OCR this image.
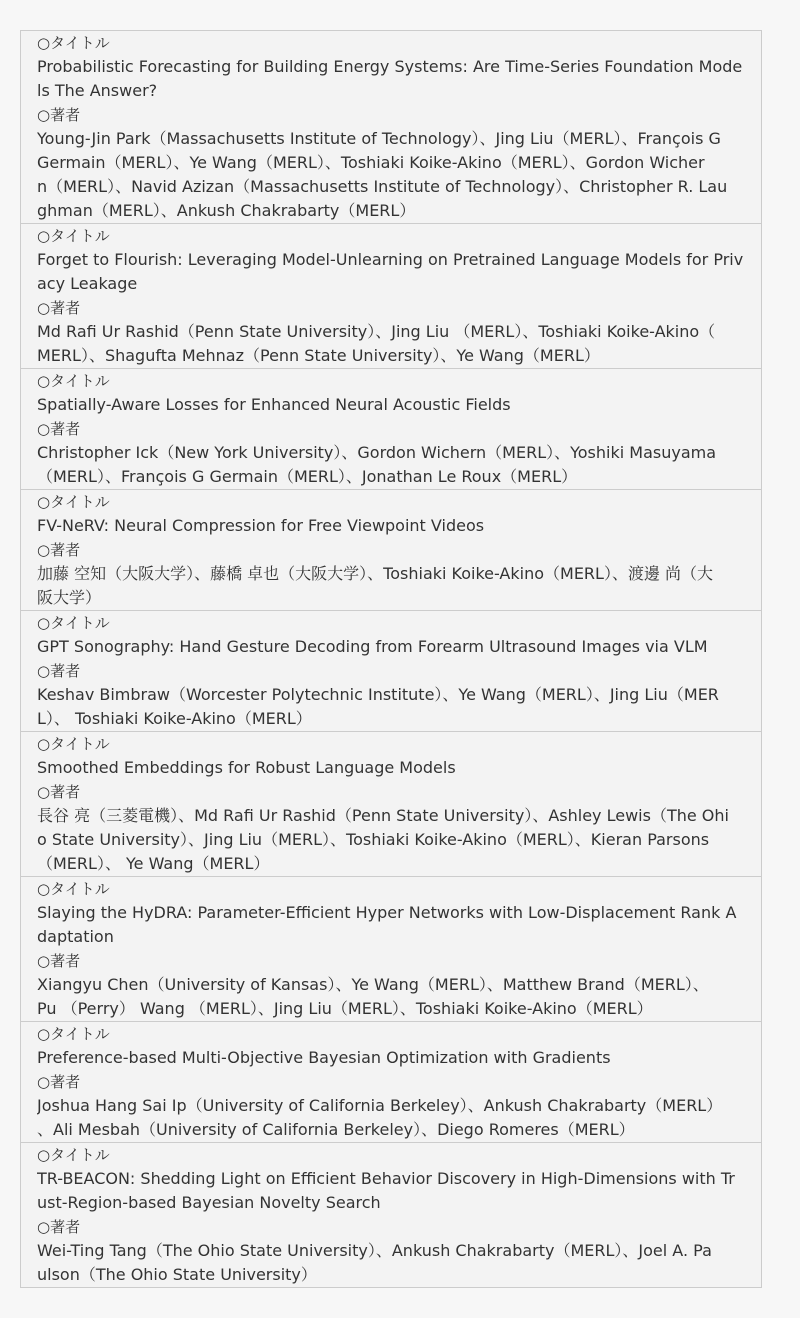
○タイトル
Probabilistic Forecasting for Building Energy Systems: Are Time-Series Foundation Mode
ls The Answer?
○著者
Young-Jin Park（Massachusetts Institute of Technology）、Jing Liu（MERL）、François G
Germain（MERL）、Ye Wang（MERL）、Toshiaki Koike-Akino（MERL）、Gordon Wicher
n（MERL）、Navid Azizan（Massachusetts Institute of Technology）、Christopher R. Lau
ghman（MERL）、Ankush Chakrabarty（MERL）
○タイトル
Forget to Flourish: Leveraging Model-Unlearning on Pretrained Language Models for Priv
acy Leakage
○著者
Md Rafi Ur Rashid（Penn State University）、Jing Liu （MERL）、Toshiaki Koike-Akino（
MERL）、Shagufta Mehnaz（Penn State University）、Ye Wang（MERL）
○タイトル
Spatially-Aware Losses for Enhanced Neural Acoustic Fields
○著者
Christopher Ick（New York University）、Gordon Wichern（MERL）、Yoshiki Masuyama
（MERL）、François G Germain（MERL）、Jonathan Le Roux（MERL）
○タイトル
FV-NeRV: Neural Compression for Free Viewpoint Videos
○著者
加藤 空知（大阪大学）、藤橋 卓也（大阪大学）、Toshiaki Koike-Akino（MERL）、渡邊 尚（大
阪大学）
○タイトル
GPT Sonography: Hand Gesture Decoding from Forearm Ultrasound Images via VLM
○著者
Keshav Bimbraw（Worcester Polytechnic Institute）、Ye Wang（MERL）、Jing Liu（MER
L）、 Toshiaki Koike-Akino（MERL）
○タイトル
Smoothed Embeddings for Robust Language Models
○著者
長谷 亮（三菱電機）、Md Rafi Ur Rashid（Penn State University）、Ashley Lewis（The Ohi
o State University）、Jing Liu（MERL）、Toshiaki Koike-Akino（MERL）、Kieran Parsons
（MERL）、 Ye Wang（MERL）
○タイトル
Slaying the HyDRA: Parameter-Efficient Hyper Networks with Low-Displacement Rank A
daptation
○著者
Xiangyu Chen（University of Kansas）、Ye Wang（MERL）、Matthew Brand（MERL）、
Pu （Perry） Wang （MERL）、Jing Liu（MERL）、Toshiaki Koike-Akino（MERL）
○タイトル
Preference-based Multi-Objective Bayesian Optimization with Gradients
○著者
Joshua Hang Sai Ip（University of California Berkeley）、Ankush Chakrabarty（MERL）
、Ali Mesbah（University of California Berkeley）、Diego Romeres（MERL）
○タイトル
TR-BEACON: Shedding Light on Efficient Behavior Discovery in High-Dimensions with Tr
ust-Region-based Bayesian Novelty Search
○著者
Wei-Ting Tang（The Ohio State University）、Ankush Chakrabarty（MERL）、Joel A. Pa
ulson（The Ohio State University）
